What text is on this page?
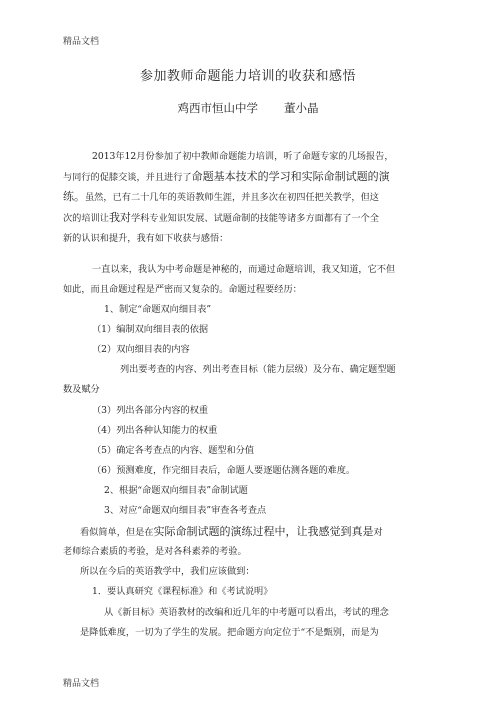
精品文档
参加教师命题能力培训的收获和感悟
鸡西市恒山中学 董小晶
2013年12月份参加了初中教师命题能力培训，听了命题专家的几场报告，
与同行的促膝交谈，并且进行了命题基本技术的学习和实际命制试题的演
练。虽然，已有二十几年的英语教师生涯，并且多次在初四任把关教学，但这
次的培训让我对学科专业知识发展、试题命制的技能等诸多方面都有了一个全
新的认识和提升，我有如下收获与感悟：
一直以来，我认为中考命题是神秘的，而通过命题培训，我又知道，它不但
如此，而且命题过程是严密而又复杂的。命题过程要经历：
1、制定“命题双向细目表”
（1）编制双向细目表的依据
（2）双向细目表的内容
列出要考查的内容、列出考查目标（能力层级）及分布、确定题型题
数及赋分
（3）列出各部分内容的权重
（4）列出各种认知能力的权重
（5）确定各考查点的内容、题型和分值
（6）预测难度，作完细目表后，命题人要逐题估测各题的难度。
2、根据“命题双向细目表”命制试题
3、对应“命题双向细目表”审查各考查点
看似简单，但是在实际命制试题的演练过程中，让我感觉到真是对
老师综合素质的考验，是对各科素养的考验。
所以在今后的英语教学中，我们应该做到：
1．要认真研究《课程标准》和《考试说明》
从《新目标》英语教材的改编和近几年的中考题可以看出，考试的理念
是降低难度，一切为了学生的发展。把命题方向定位于“不是甄别，而是为
精品文档
